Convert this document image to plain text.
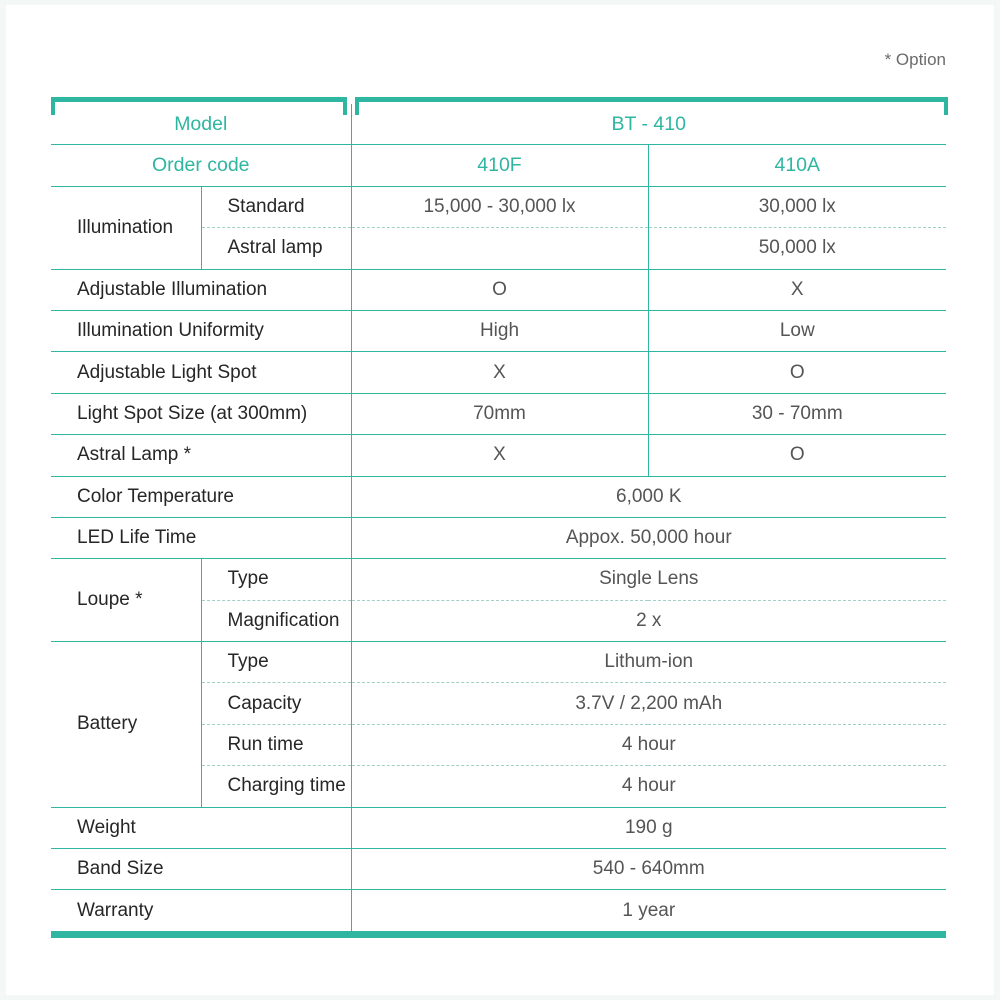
* Option
Model		BT - 410	
Order code		410F	410A
Illumination	Standard	15,000 - 30,000 lx	30,000 lx
	Astral lamp		50,000 lx
Adjustable Illumination		O	X
Illumination Uniformity		High	Low
Adjustable Light Spot		X	O
Light Spot Size (at 300mm)		70mm	30 - 70mm
Astral Lamp *		X	O
Color Temperature		6,000 K	
LED Life Time		Appox. 50,000 hour	
Loupe *	Type	Single Lens	
	Magnification	2 x	
Battery	Type	Lithum-ion	
	Capacity	3.7V / 2,200 mAh	
	Run time	4 hour	
	Charging time	4 hour	
Weight		190 g	
Band Size		540 - 640mm	
Warranty		1 year	
